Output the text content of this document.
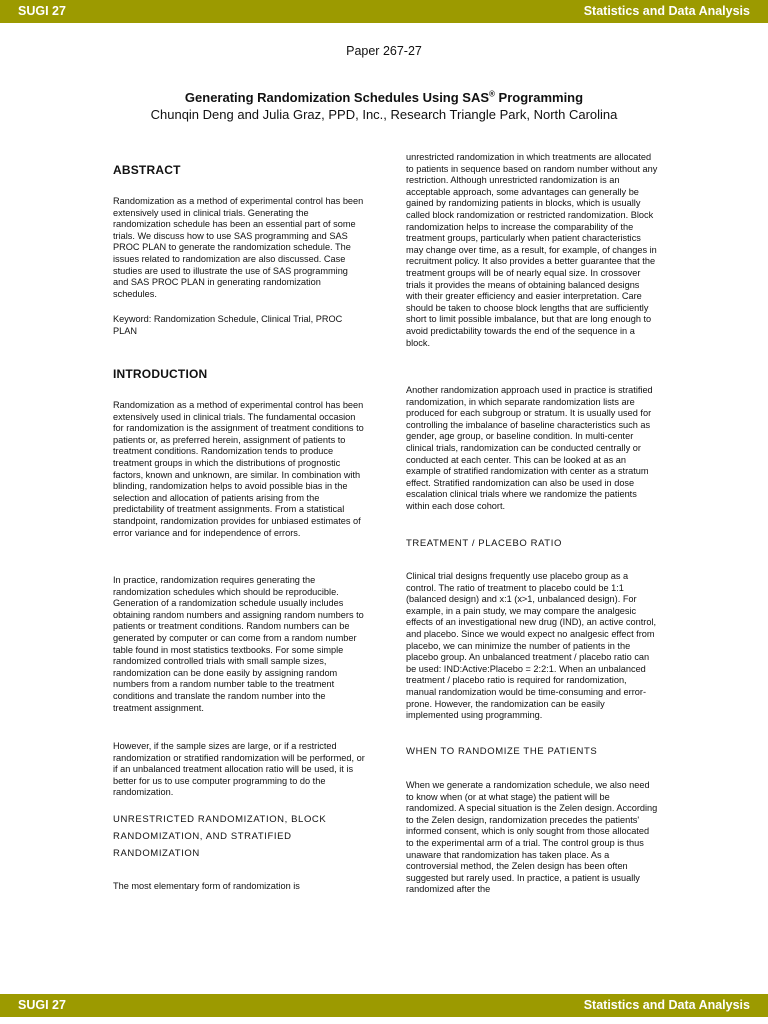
SUGI 27	Statistics and Data Analysis
Paper 267-27
Generating Randomization Schedules Using SAS® Programming
Chunqin Deng and Julia Graz, PPD, Inc., Research Triangle Park, North Carolina
ABSTRACT

Randomization as a method of experimental control has been extensively used in clinical trials. Generating the randomization schedule has been an essential part of some trials. We discuss how to use SAS programming and SAS PROC PLAN to generate the randomization schedule. The issues related to randomization are also discussed. Case studies are used to illustrate the use of SAS programming and SAS PROC PLAN in generating randomization schedules.

Keyword: Randomization Schedule, Clinical Trial, PROC PLAN

INTRODUCTION

Randomization as a method of experimental control has been extensively used in clinical trials. The fundamental occasion for randomization is the assignment of treatment conditions to patients or, as preferred herein, assignment of patients to treatment conditions. Randomization tends to produce treatment groups in which the distributions of prognostic factors, known and unknown, are similar. In combination with blinding, randomization helps to avoid possible bias in the selection and allocation of patients arising from the predictability of treatment assignments. From a statistical standpoint, randomization provides for unbiased estimates of error variance and for independence of errors.

In practice, randomization requires generating the randomization schedules which should be reproducible. Generation of a randomization schedule usually includes obtaining random numbers and assigning random numbers to patients or treatment conditions. Random numbers can be generated by computer or can come from a random number table found in most statistics textbooks. For some simple randomized controlled trials with small sample sizes, randomization can be done easily by assigning random numbers from a random number table to the treatment conditions and translate the random number into the treatment assignment.

However, if the sample sizes are large, or if a restricted randomization or stratified randomization will be performed, or if an unbalanced treatment allocation ratio will be used, it is better for us to use computer programming to do the randomization.

UNRESTRICTED RANDOMIZATION, BLOCK RANDOMIZATION, AND STRATIFIED RANDOMIZATION

The most elementary form of randomization is

unrestricted randomization in which treatments are allocated to patients in sequence based on random number without any restriction. Although unrestricted randomization is an acceptable approach, some advantages can generally be gained by randomizing patients in blocks, which is usually called block randomization or restricted randomization. Block randomization helps to increase the comparability of the treatment groups, particularly when patient characteristics may change over time, as a result, for example, of changes in recruitment policy. It also provides a better guarantee that the treatment groups will be of nearly equal size. In crossover trials it provides the means of obtaining balanced designs with their greater efficiency and easier interpretation. Care should be taken to choose block lengths that are sufficiently short to limit possible imbalance, but that are long enough to avoid predictability towards the end of the sequence in a block.

Another randomization approach used in practice is stratified randomization, in which separate randomization lists are produced for each subgroup or stratum. It is usually used for controlling the imbalance of baseline characteristics such as gender, age group, or baseline condition. In multi-center clinical trials, randomization can be conducted centrally or conducted at each center. This can be looked at as an example of stratified randomization with center as a stratum effect. Stratified randomization can also be used in dose escalation clinical trials where we randomize the patients within each dose cohort.

TREATMENT / PLACEBO RATIO

Clinical trial designs frequently use placebo group as a control. The ratio of treatment to placebo could be 1:1 (balanced design) and x:1 (x>1, unbalanced design). For example, in a pain study, we may compare the analgesic effects of an investigational new drug (IND), an active control, and placebo. Since we would expect no analgesic effect from placebo, we can minimize the number of patients in the placebo group. An unbalanced treatment / placebo ratio can be used: IND:Active:Placebo = 2:2:1. When an unbalanced treatment / placebo ratio is required for randomization, manual randomization would be time-consuming and error-prone. However, the randomization can be easily implemented using programming.

WHEN TO RANDOMIZE THE PATIENTS

When we generate a randomization schedule, we also need to know when (or at what stage) the patient will be randomized. A special situation is the Zelen design. According to the Zelen design, randomization precedes the patients' informed consent, which is only sought from those allocated to the experimental arm of a trial. The control group is thus unaware that randomization has taken place. As a controversial method, the Zelen design has been often suggested but rarely used. In practice, a patient is usually randomized after the

SUGI 27	Statistics and Data Analysis
